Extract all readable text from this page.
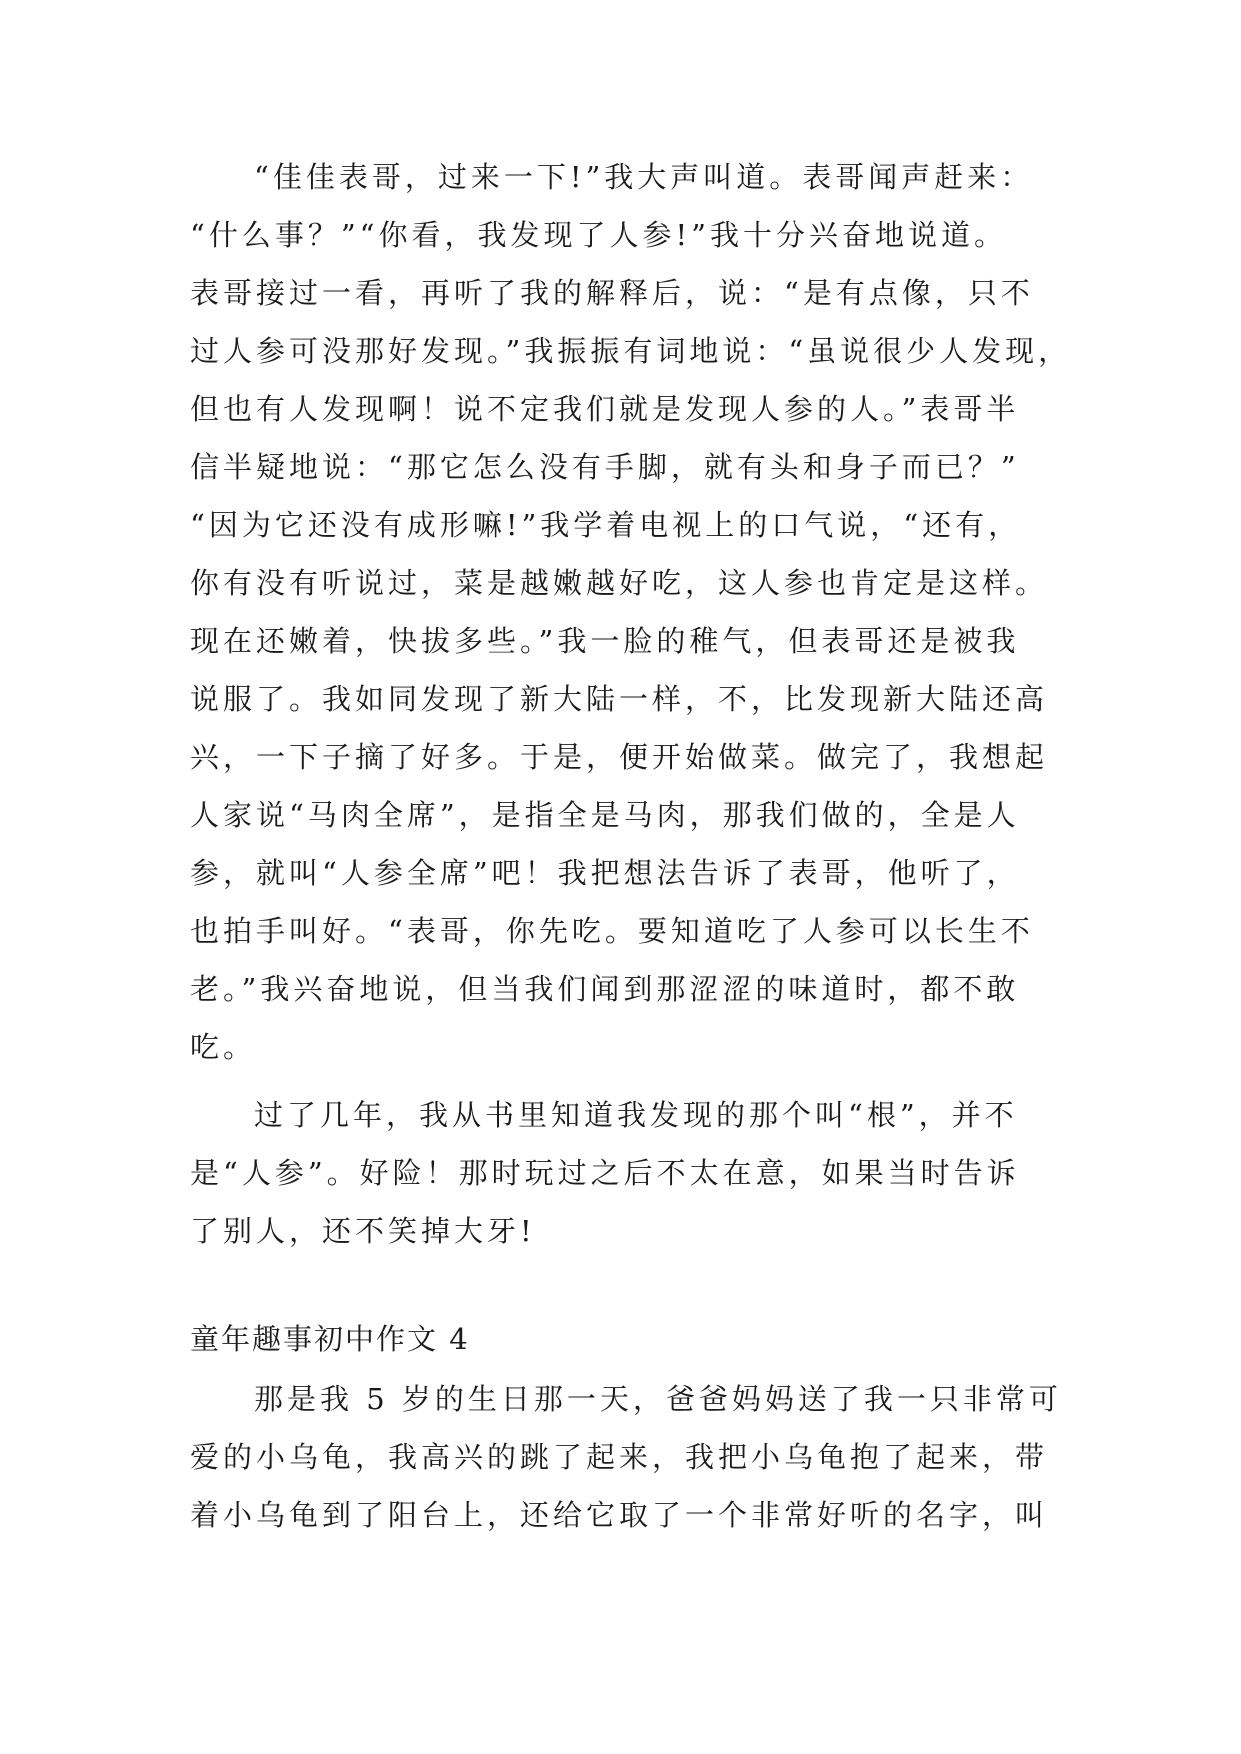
“佳佳表哥，过来一下!”我大声叫道。表哥闻声赶来：
“什么事？”“你看，我发现了人参!”我十分兴奋地说道。
表哥接过一看，再听了我的解释后，说：“是有点像，只不
过人参可没那好发现。”我振振有词地说：“虽说很少人发现，
但也有人发现啊！说不定我们就是发现人参的人。”表哥半
信半疑地说：“那它怎么没有手脚，就有头和身子而已？”
“因为它还没有成形嘛!”我学着电视上的口气说，“还有，
你有没有听说过，菜是越嫩越好吃，这人参也肯定是这样。
现在还嫩着，快拔多些。”我一脸的稚气，但表哥还是被我
说服了。我如同发现了新大陆一样，不，比发现新大陆还高
兴，一下子摘了好多。于是，便开始做菜。做完了，我想起
人家说“马肉全席”，是指全是马肉，那我们做的，全是人
参，就叫“人参全席”吧！我把想法告诉了表哥，他听了，
也拍手叫好。“表哥，你先吃。要知道吃了人参可以长生不
老。”我兴奋地说，但当我们闻到那涩涩的味道时，都不敢
吃。
过了几年，我从书里知道我发现的那个叫“根”，并不
是“人参”。好险！那时玩过之后不太在意，如果当时告诉
了别人，还不笑掉大牙!
童年趣事初中作文 4
那是我 5 岁的生日那一天，爸爸妈妈送了我一只非常可
爱的小乌龟，我高兴的跳了起来，我把小乌龟抱了起来，带
着小乌龟到了阳台上，还给它取了一个非常好听的名字，叫
